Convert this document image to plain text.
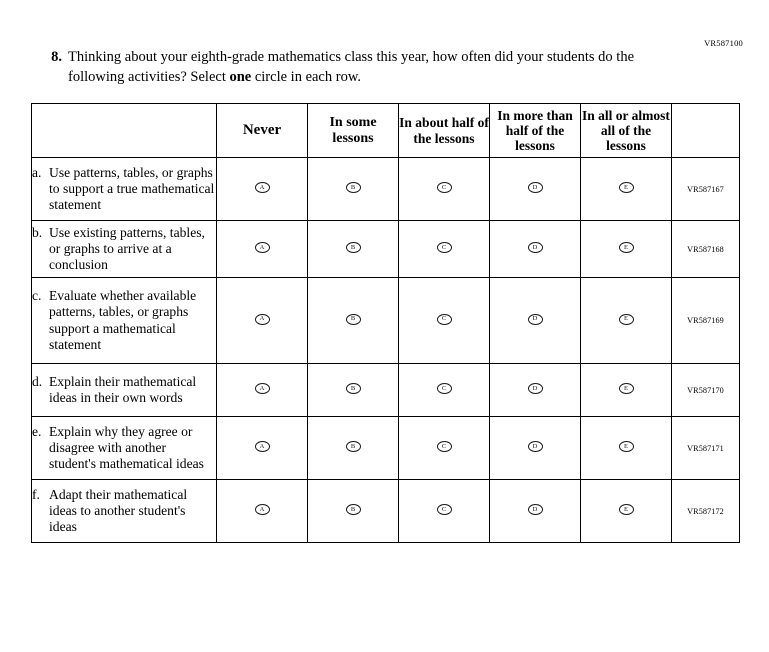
VR587100
8. Thinking about your eighth-grade mathematics class this year, how often did your students do the following activities? Select one circle in each row.
	Never	In some lessons	In about half of the lessons	In more than half of the lessons	In all or almost all of the lessons	

a. Use patterns, tables, or graphs to support a true mathematical statement	A	B	C	D	E	VR587167

b. Use existing patterns, tables, or graphs to arrive at a conclusion	A	B	C	D	E	VR587168

c. Evaluate whether available patterns, tables, or graphs support a mathematical statement	A	B	C	D	E	VR587169

d. Explain their mathematical ideas in their own words	A	B	C	D	E	VR587170

e. Explain why they agree or disagree with another student's mathematical ideas	A	B	C	D	E	VR587171

f. Adapt their mathematical ideas to another student's ideas	A	B	C	D	E	VR587172
